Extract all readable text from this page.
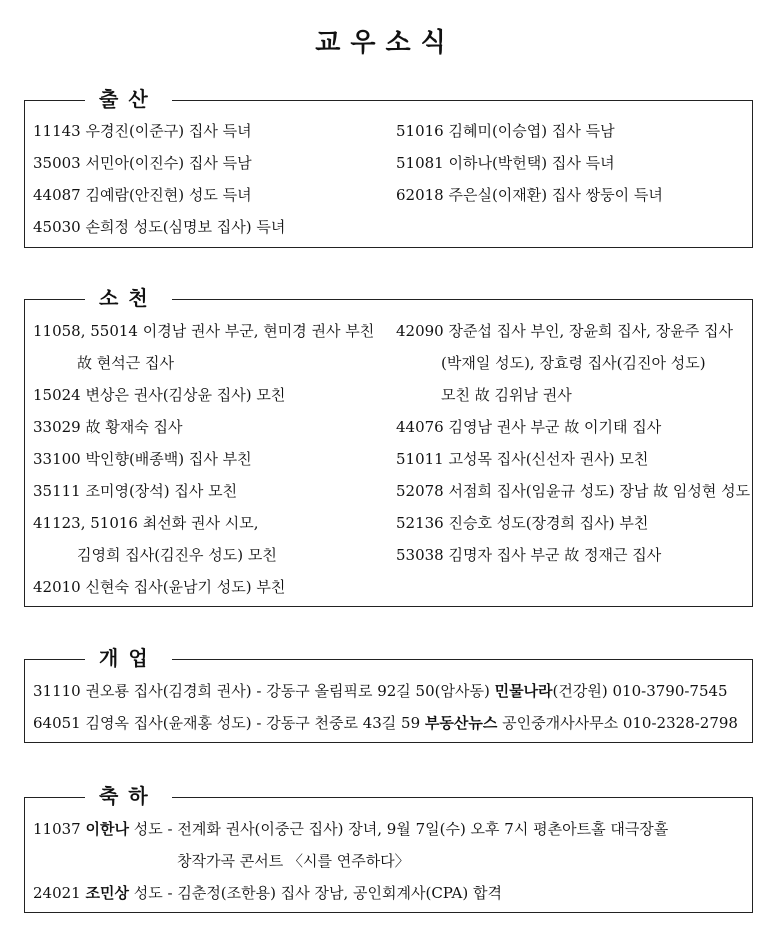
교우소식
출산
11143 우경진(이준구) 집사 득녀
35003 서민아(이진수) 집사 득남
44087 김예람(안진현) 성도 득녀
45030 손희정 성도(심명보 집사) 득녀
51016 김혜미(이승엽) 집사 득남
51081 이하나(박헌택) 집사 득녀
62018 주은실(이재환) 집사 쌍둥이 득녀
소천
11058, 55014 이경남 권사 부군, 현미경 권사 부친
故 현석근 집사
15024 변상은 권사(김상윤 집사) 모친
33029 故 황재숙 집사
33100 박인향(배종백) 집사 부친
35111 조미영(장석) 집사 모친
41123, 51016 최선화 권사 시모,
김영희 집사(김진우 성도) 모친
42010 신현숙 집사(윤남기 성도) 부친
42090 장준섭 집사 부인, 장윤희 집사, 장윤주 집사
(박재일 성도), 장효령 집사(김진아 성도)
모친 故 김위남 권사
44076 김영남 권사 부군 故 이기태 집사
51011 고성목 집사(신선자 권사) 모친
52078 서점희 집사(임윤규 성도) 장남 故 임성현 성도
52136 진승호 성도(장경희 집사) 부친
53038 김명자 집사 부군 故 정재근 집사
개업
31110 권오룡 집사(김경희 권사) - 강동구 올림픽로 92길 50(암사동) 민물나라(건강원) 010-3790-7545
64051 김영옥 집사(윤재홍 성도) - 강동구 천중로 43길 59 부동산뉴스 공인중개사사무소 010-2328-2798
축하
11037 이한나 성도 - 전계화 권사(이중근 집사) 장녀, 9월 7일(수) 오후 7시 평촌아트홀 대극장홀
창작가곡 콘서트 〈시를 연주하다〉
24021 조민상 성도 - 김춘정(조한용) 집사 장남, 공인회계사(CPA) 합격
